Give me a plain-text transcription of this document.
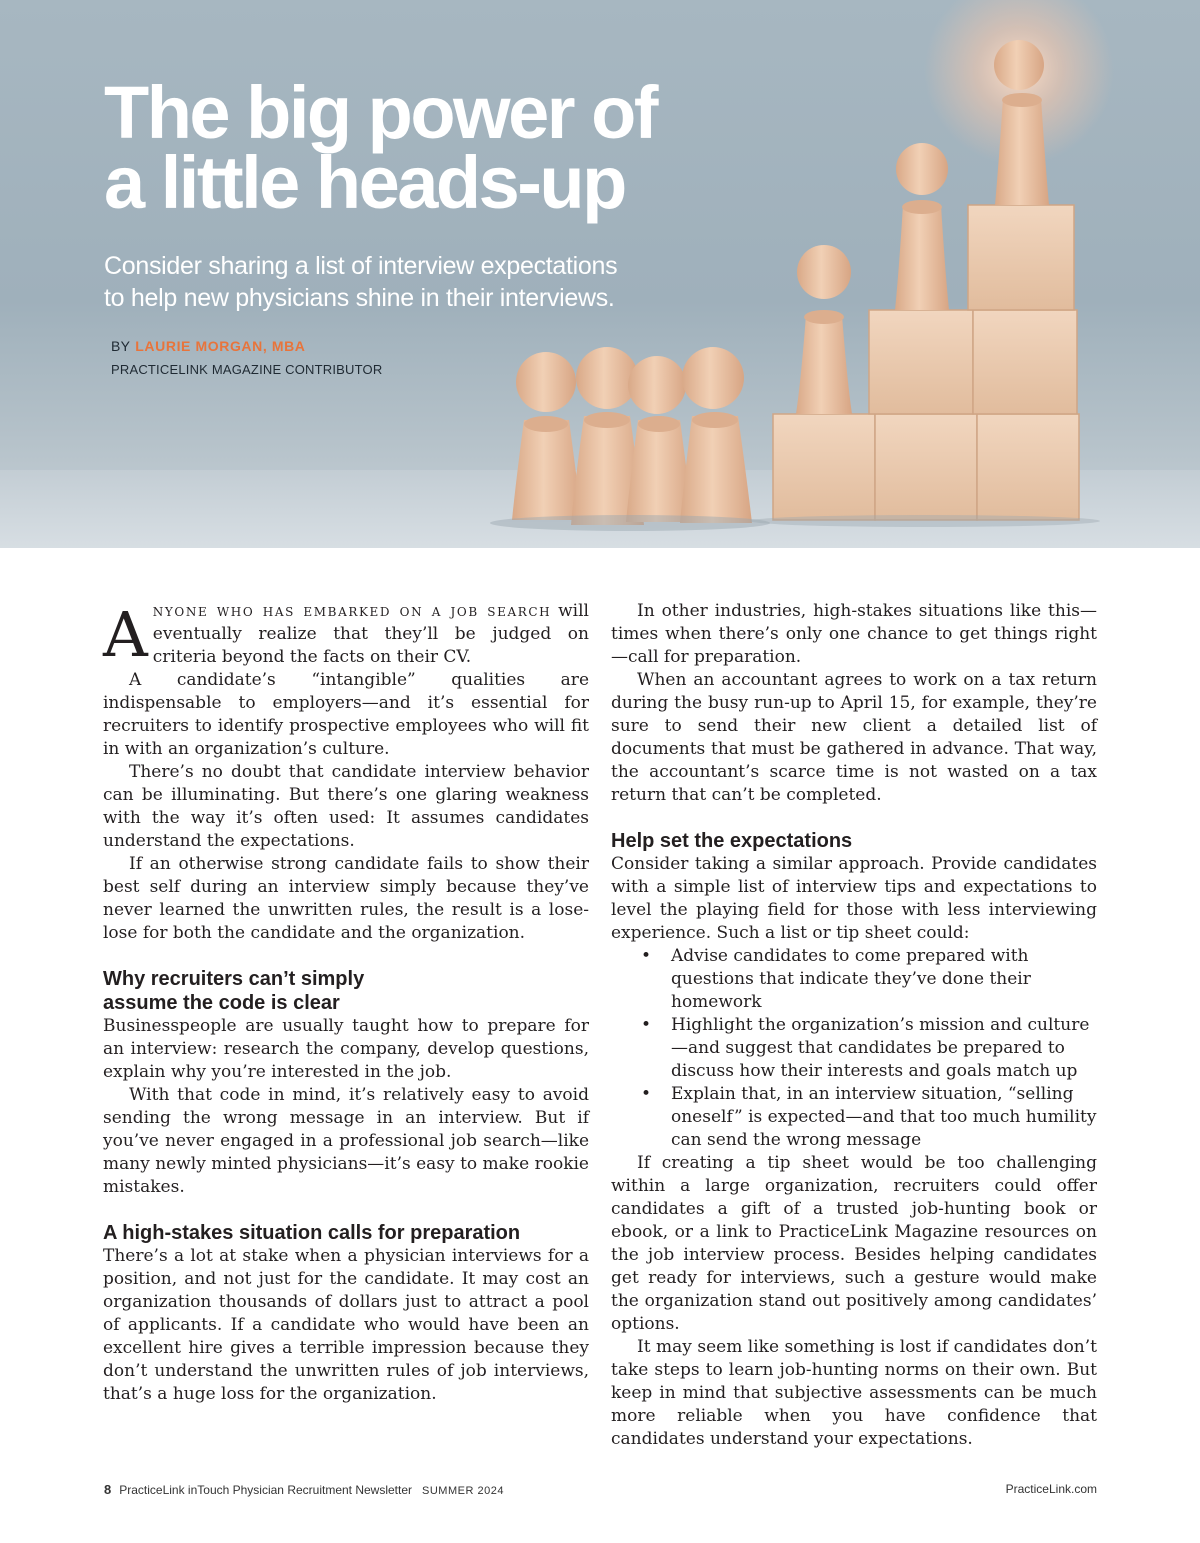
The big power of
a little heads-up

Consider sharing a list of interview expectations
to help new physicians shine in their interviews.

BY LAURIE MORGAN, MBA
PRACTICELINK MAGAZINE CONTRIBUTOR

Anyone who has embarked on a job search will eventually realize that they’ll be judged on criteria beyond the facts on their CV.

A candidate’s “intangible” qualities are indispensable to employers—and it’s essential for recruiters to identify prospective employees who will fit in with an organization’s culture.

There’s no doubt that candidate interview behavior can be illuminating. But there’s one glaring weakness with the way it’s often used: It assumes candidates understand the expectations.

If an otherwise strong candidate fails to show their best self during an interview simply because they’ve never learned the unwritten rules, the result is a lose-lose for both the candidate and the organization.

Why recruiters can’t simply
assume the code is clear

Businesspeople are usually taught how to prepare for an interview: research the company, develop questions, explain why you’re interested in the job.

With that code in mind, it’s relatively easy to avoid sending the wrong message in an interview. But if you’ve never engaged in a professional job search—like many newly minted physicians—it’s easy to make rookie mistakes.

A high-stakes situation calls for preparation

There’s a lot at stake when a physician interviews for a position, and not just for the candidate. It may cost an organization thousands of dollars just to attract a pool of applicants. If a candidate who would have been an excellent hire gives a terrible impression because they don’t understand the unwritten rules of job interviews, that’s a huge loss for the organization.

In other industries, high-stakes situations like this—times when there’s only one chance to get things right—call for preparation.

When an accountant agrees to work on a tax return during the busy run-up to April 15, for example, they’re sure to send their new client a detailed list of documents that must be gathered in advance. That way, the accountant’s scarce time is not wasted on a tax return that can’t be completed.

Help set the expectations

Consider taking a similar approach. Provide candidates with a simple list of interview tips and expectations to level the playing field for those with less interviewing experience. Such a list or tip sheet could:

• Advise candidates to come prepared with questions that indicate they’ve done their homework
• Highlight the organization’s mission and culture—and suggest that candidates be prepared to discuss how their interests and goals match up
• Explain that, in an interview situation, “selling oneself” is expected—and that too much humility can send the wrong message

If creating a tip sheet would be too challenging within a large organization, recruiters could offer candidates a gift of a trusted job-hunting book or ebook, or a link to PracticeLink Magazine resources on the job interview process. Besides helping candidates get ready for interviews, such a gesture would make the organization stand out positively among candidates’ options.

It may seem like something is lost if candidates don’t take steps to learn job-hunting norms on their own. But keep in mind that subjective assessments can be much more reliable when you have confidence that candidates understand your expectations.

8 PracticeLink inTouch Physician Recruitment Newsletter SUMMER 2024	PracticeLink.com
